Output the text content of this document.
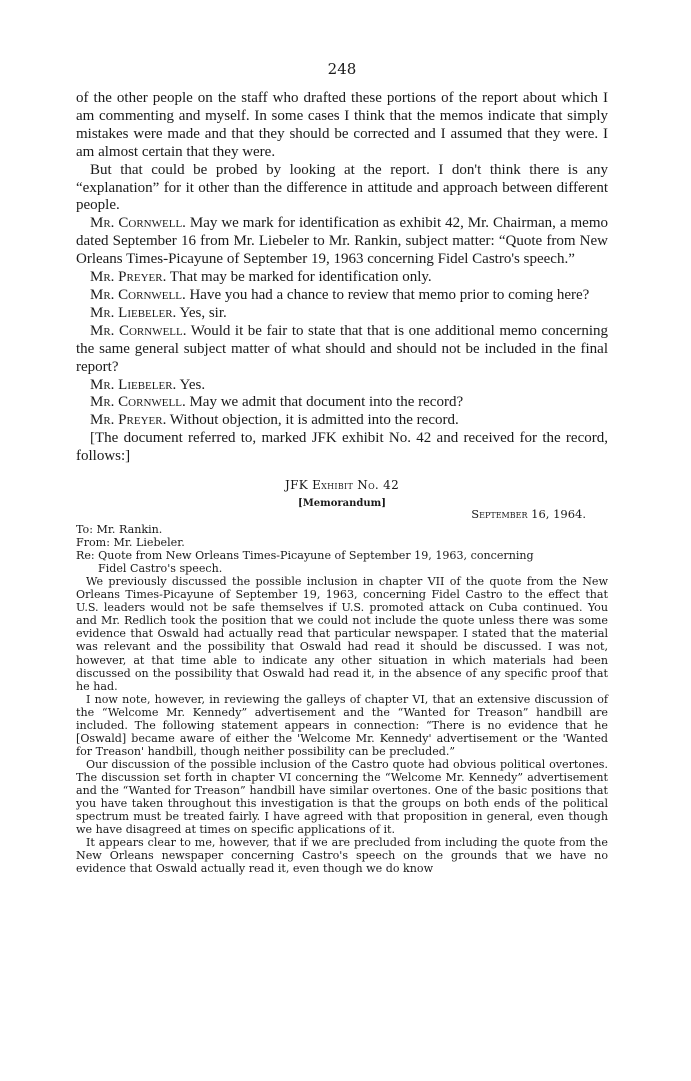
248

of the other people on the staff who drafted these portions of the report about which I am commenting and myself. In some cases I think that the memos indicate that simply mistakes were made and that they should be corrected and I assumed that they were. I am almost certain that they were.

But that could be probed by looking at the report. I don't think there is any “explanation” for it other than the difference in attitude and approach between different people.

Mr. Cornwell. May we mark for identification as exhibit 42, Mr. Chairman, a memo dated September 16 from Mr. Liebeler to Mr. Rankin, subject matter: “Quote from New Orleans Times-Picayune of September 19, 1963 concerning Fidel Castro's speech.”

Mr. Preyer. That may be marked for identification only.

Mr. Cornwell. Have you had a chance to review that memo prior to coming here?

Mr. Liebeler. Yes, sir.

Mr. Cornwell. Would it be fair to state that that is one additional memo concerning the same general subject matter of what should and should not be included in the final report?

Mr. Liebeler. Yes.

Mr. Cornwell. May we admit that document into the record?

Mr. Preyer. Without objection, it is admitted into the record.

[The document referred to, marked JFK exhibit No. 42 and received for the record, follows:]

JFK Exhibit No. 42
[Memorandum]
September 16, 1964.
To: Mr. Rankin.
From: Mr. Liebeler.
Re: Quote from New Orleans Times-Picayune of September 19, 1963, concerning
Fidel Castro's speech.

We previously discussed the possible inclusion in chapter VII of the quote from the New Orleans Times-Picayune of September 19, 1963, concerning Fidel Castro to the effect that U.S. leaders would not be safe themselves if U.S. promoted attack on Cuba continued. You and Mr. Redlich took the position that we could not include the quote unless there was some evidence that Oswald had actually read that particular newspaper. I stated that the material was relevant and the possibility that Oswald had read it should be discussed. I was not, however, at that time able to indicate any other situation in which materials had been discussed on the possibility that Oswald had read it, in the absence of any specific proof that he had.

I now note, however, in reviewing the galleys of chapter VI, that an extensive discussion of the “Welcome Mr. Kennedy” advertisement and the “Wanted for Treason” handbill are included. The following statement appears in connection: “There is no evidence that he [Oswald] became aware of either the 'Welcome Mr. Kennedy' advertisement or the 'Wanted for Treason' handbill, though neither possibility can be precluded.”

Our discussion of the possible inclusion of the Castro quote had obvious political overtones. The discussion set forth in chapter VI concerning the “Welcome Mr. Kennedy” advertisement and the “Wanted for Treason” handbill have similar overtones. One of the basic positions that you have taken throughout this investigation is that the groups on both ends of the political spectrum must be treated fairly. I have agreed with that proposition in general, even though we have disagreed at times on specific applications of it.

It appears clear to me, however, that if we are precluded from including the quote from the New Orleans newspaper concerning Castro's speech on the grounds that we have no evidence that Oswald actually read it, even though we do know
